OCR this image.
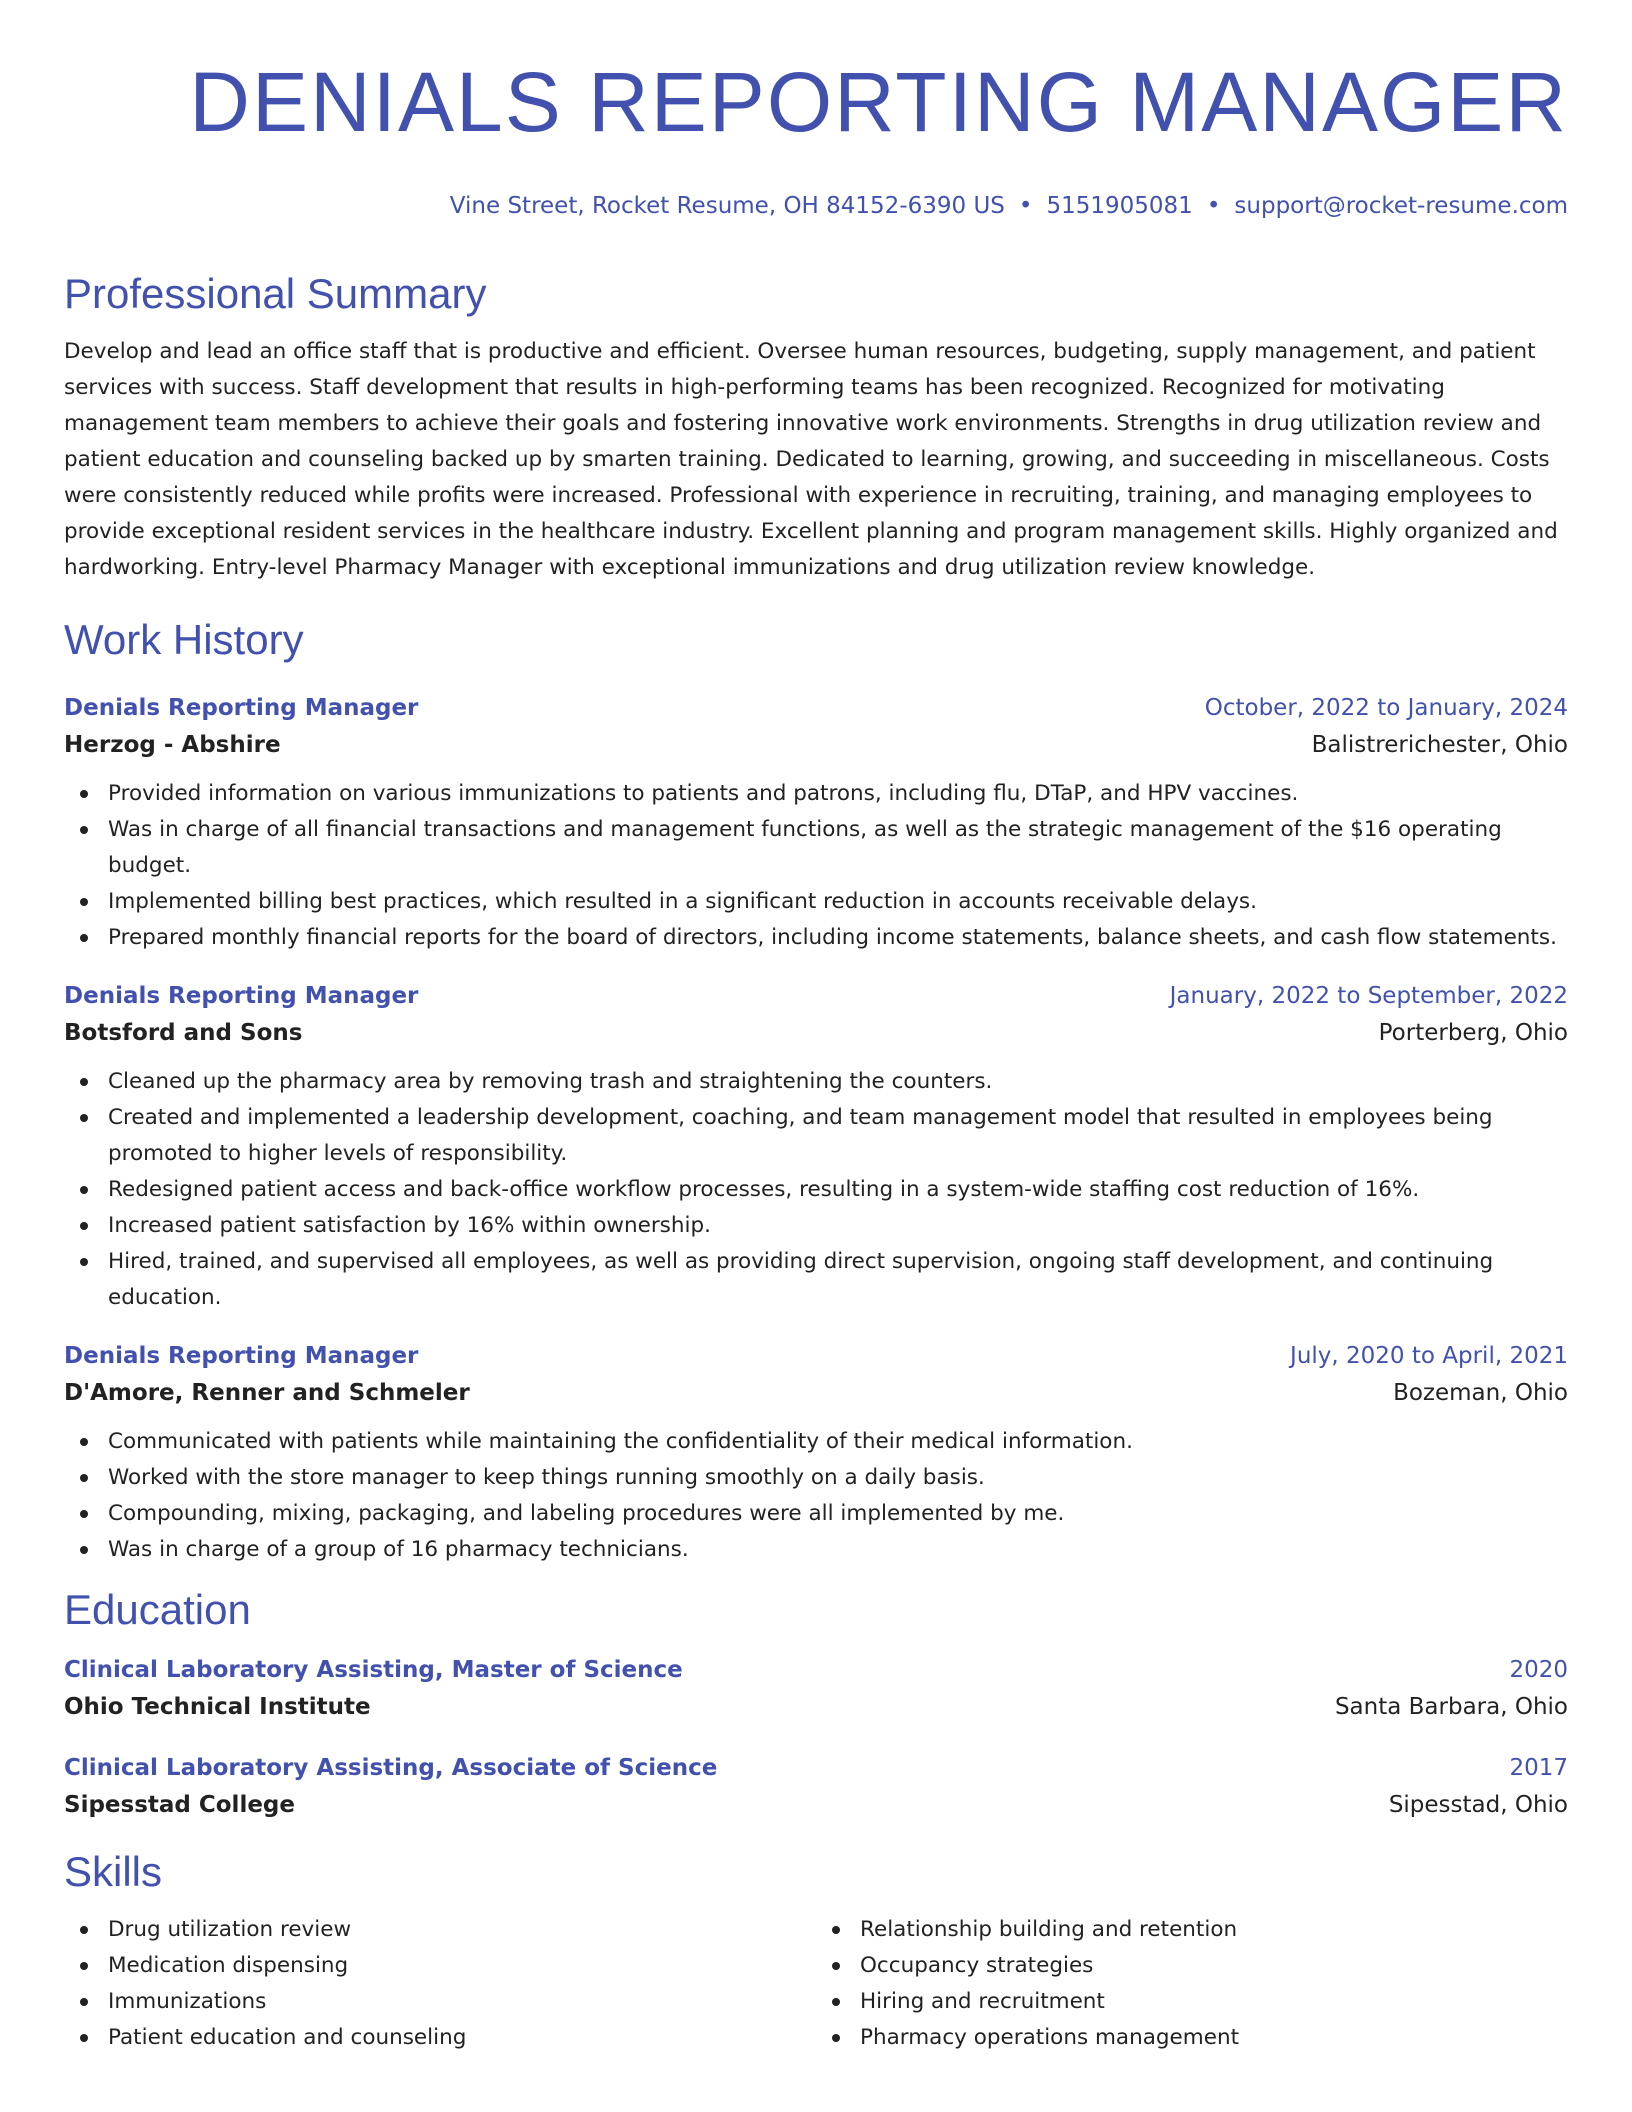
DENIALS REPORTING MANAGER
Vine Street, Rocket Resume, OH 84152-6390 US • 5151905081 • support@rocket-resume.com
Professional Summary

Develop and lead an office staff that is productive and efficient. Oversee human resources, budgeting, supply management, and patient services with success. Staff development that results in high-performing teams has been recognized. Recognized for motivating management team members to achieve their goals and fostering innovative work environments. Strengths in drug utilization review and patient education and counseling backed up by smarten training. Dedicated to learning, growing, and succeeding in miscellaneous. Costs were consistently reduced while profits were increased. Professional with experience in recruiting, training, and managing employees to provide exceptional resident services in the healthcare industry. Excellent planning and program management skills. Highly organized and hardworking. Entry-level Pharmacy Manager with exceptional immunizations and drug utilization review knowledge.

Work History
Denials Reporting Manager	October, 2022 to January, 2024
Herzog - Abshire	Balistrerichester, Ohio
Provided information on various immunizations to patients and patrons, including flu, DTaP, and HPV vaccines.
Was in charge of all financial transactions and management functions, as well as the strategic management of the $16 operating budget.
Implemented billing best practices, which resulted in a significant reduction in accounts receivable delays.
Prepared monthly financial reports for the board of directors, including income statements, balance sheets, and cash flow statements.
Denials Reporting Manager	January, 2022 to September, 2022
Botsford and Sons	Porterberg, Ohio
Cleaned up the pharmacy area by removing trash and straightening the counters.
Created and implemented a leadership development, coaching, and team management model that resulted in employees being promoted to higher levels of responsibility.
Redesigned patient access and back-office workflow processes, resulting in a system-wide staffing cost reduction of 16%.
Increased patient satisfaction by 16% within ownership.
Hired, trained, and supervised all employees, as well as providing direct supervision, ongoing staff development, and continuing education.
Denials Reporting Manager	July, 2020 to April, 2021
D'Amore, Renner and Schmeler	Bozeman, Ohio
Communicated with patients while maintaining the confidentiality of their medical information.
Worked with the store manager to keep things running smoothly on a daily basis.
Compounding, mixing, packaging, and labeling procedures were all implemented by me.
Was in charge of a group of 16 pharmacy technicians.
Education
Clinical Laboratory Assisting, Master of Science	2020
Ohio Technical Institute	Santa Barbara, Ohio
Clinical Laboratory Assisting, Associate of Science	2017
Sipesstad College	Sipesstad, Ohio
Skills
Drug utilization review
Medication dispensing
Immunizations
Patient education and counseling
Relationship building and retention
Occupancy strategies
Hiring and recruitment
Pharmacy operations management
